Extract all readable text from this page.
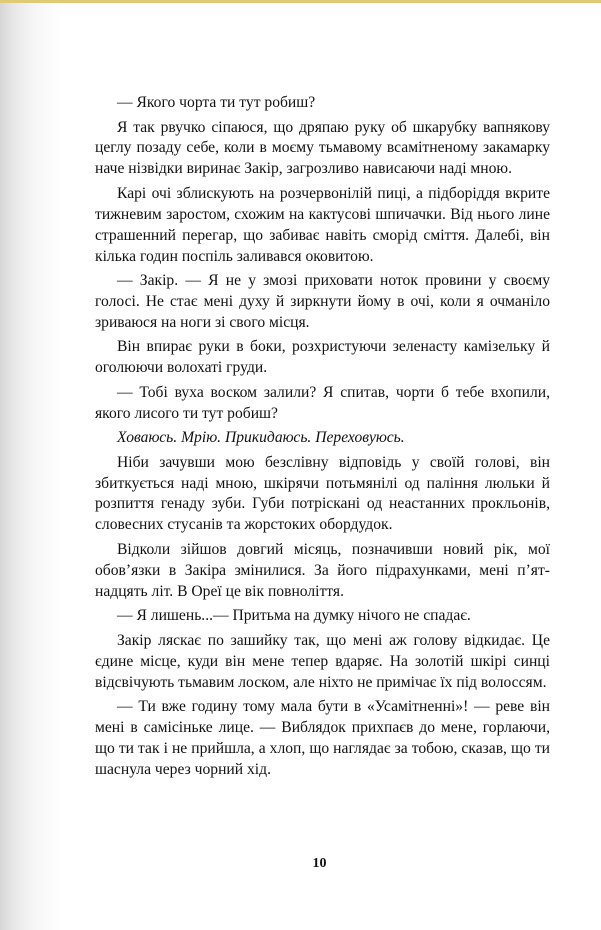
— Якого чорта ти тут робиш?

Я так рвучко сіпаюся, що дряпаю руку об шкарубку вапнякову цеглу позаду себе, коли в моєму тьмавому всамітненому закамарку наче нізвідки виринає Закір, загрозливо нависаючи наді мною.

Карі очі зблискують на розчервонілій пиці, а підборіддя вкрите тижневим заростом, схожим на кактусові шпичачки. Від нього лине страшенний перегар, що забиває навіть сморід сміття. Далебі, він кілька годин поспіль заливався оковитою.

— Закір. — Я не у змозі приховати ноток провини у своєму голосі. Не стає мені духу й зиркнути йому в очі, коли я очманіло зриваюся на ноги зі свого місця.

Він впирає руки в боки, розхристуючи зеленасту камізельку й оголюючи волохаті груди.

— Тобі вуха воском залили? Я спитав, чорти б тебе вхопили, якого лисого ти тут робиш?

Ховаюсь. Мрію. Прикидаюсь. Переховуюсь.

Ніби зачувши мою безслівну відповідь у своїй голові, він збиткується наді мною, шкірячи потьмянілі од паління люльки й розпиття генаду зуби. Губи потріскані од неастанних прокльонів, словесних стусанів та жорстоких обордудок.

Відколи зійшов довгий місяць, позначивши новий рік, мої обов’язки в Закіра змінилися. За його підрахунками, мені п’ятнадцять літ. В Ореї це вік повноліття.

— Я лишень...— Притьма на думку нічого не спадає.

Закір ляскає по зашийку так, що мені аж голову відкидає. Це єдине місце, куди він мене тепер вдаряє. На золотій шкірі синці відсвічують тьмавим лоском, але ніхто не примічає їх під волоссям.

— Ти вже годину тому мала бути в «Усамітненні»! — реве він мені в самісіньке лице. — Виблядок прихпаєв до мене, горлаючи, що ти так і не прийшла, а хлоп, що наглядає за тобою, сказав, що ти шаснула через чорний хід.

10
